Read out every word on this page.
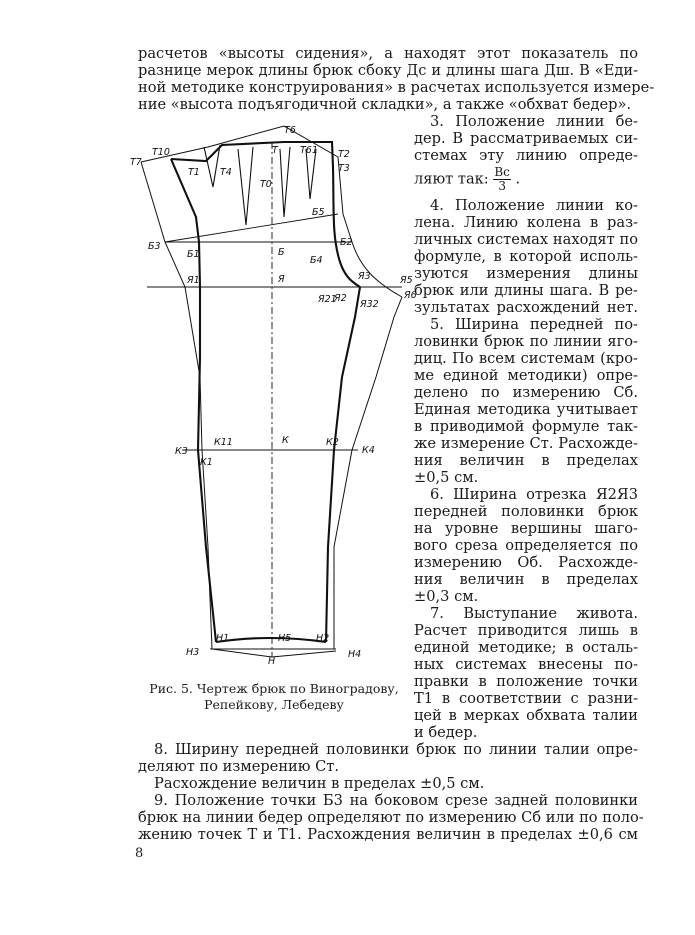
расчетов «высоты сидения», а находят этот показатель по
разнице мерок длины брюк сбоку Дс и длины шага Дш. В «Еди-
ной методике конструирования» в расчетах используется измере-
ние «высота подъягодичной складки», а также «обхват бедер».
3. Положение линии бе-
дер. В рассматриваемых си-
стемах эту линию опреде-
ляют так: $\frac{Вс}{3}$ .
4. Положение линии ко-
лена. Линию колена в раз-
личных системах находят по
формуле, в которой исполь-
зуются измерения длины
брюк или длины шага. В ре-
зультатах расхождений нет.
5. Ширина передней по-
ловинки брюк по линии яго-
диц. По всем системам (кро-
ме единой методики) опре-
делено по измерению Сб.
Единая методика учитывает
в приводимой формуле так-
же измерение Ст. Расхожде-
ния величин в пределах
±0,5 см.
6. Ширина отрезка Я2Я3
передней половинки брюк
на уровне вершины шаго-
вого среза определяется по
измерению Об. Расхожде-
ния величин в пределах
±0,3 см.
7. Выступание живота.
Расчет приводится лишь в
единой методике; в осталь-
ных системах внесены по-
правки в положение точки
Т1 в соответствии с разни-
цей в мерках обхвата талии
и бедер.
Т7
Т10
Т1 Т4
Т6
Т
Т0
Т61 Т2
Т3
Б5
Б3
Б1	Б
Б4
Б2
Я1	Я	Я3	Я5
Я6
Я21
Я2
Я32
К3
К1
К11	К	К2
К4
Н3
Н1	Н5	Н2
Н4
Н
Рис. 5. Чертеж брюк по Виноградову,
Репейкову, Лебедеву
8. Ширину передней половинки брюк по линии талии опре-
деляют по измерению Ст.
Расхождение величин в пределах ±0,5 см.
9. Положение точки Б3 на боковом срезе задней половинки
брюк на линии бедер определяют по измерению Сб или по поло-
жению точек Т и Т1. Расхождения величин в пределах ±0,6 см
8
